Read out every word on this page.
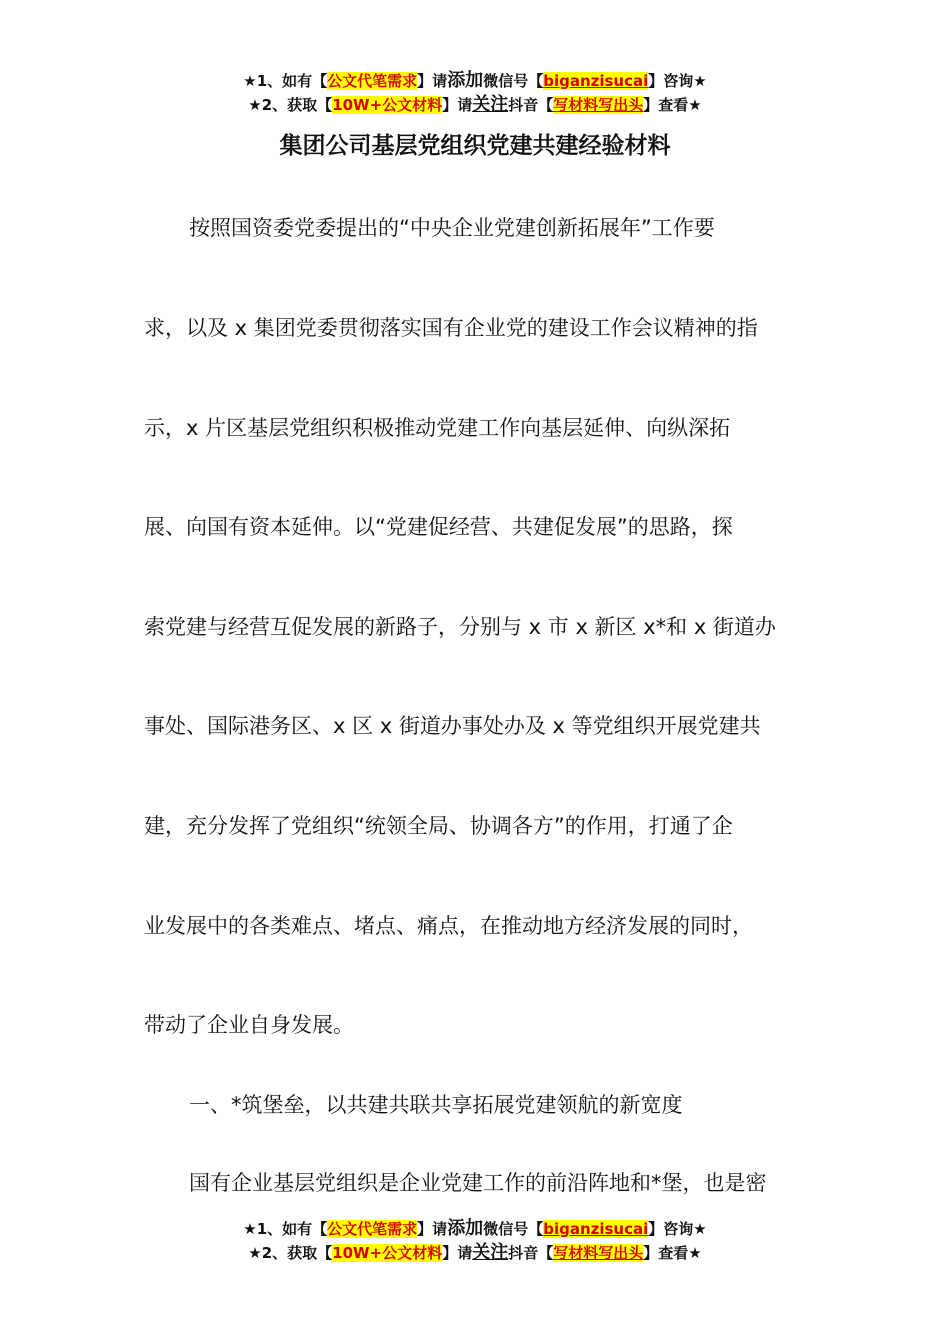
★1、如有【公文代笔需求】请添加微信号【biganzisucai】咨询★
★2、获取【10W+公文材料】请关注抖音【写材料写出头】查看★
集团公司基层党组织党建共建经验材料
按照国资委党委提出的“中央企业党建创新拓展年”工作要
求，以及 x 集团党委贯彻落实国有企业党的建设工作会议精神的指
示，x 片区基层党组织积极推动党建工作向基层延伸、向纵深拓
展、向国有资本延伸。以“党建促经营、共建促发展”的思路，探
索党建与经营互促发展的新路子，分别与 x 市 x 新区 x*和 x 街道办
事处、国际港务区、x 区 x 街道办事处办及 x 等党组织开展党建共
建，充分发挥了党组织“统领全局、协调各方”的作用，打通了企
业发展中的各类难点、堵点、痛点，在推动地方经济发展的同时，
带动了企业自身发展。
一、*筑堡垒，以共建共联共享拓展党建领航的新宽度
国有企业基层党组织是企业党建工作的前沿阵地和*堡，也是密
★1、如有【公文代笔需求】请添加微信号【biganzisucai】咨询★
★2、获取【10W+公文材料】请关注抖音【写材料写出头】查看★
